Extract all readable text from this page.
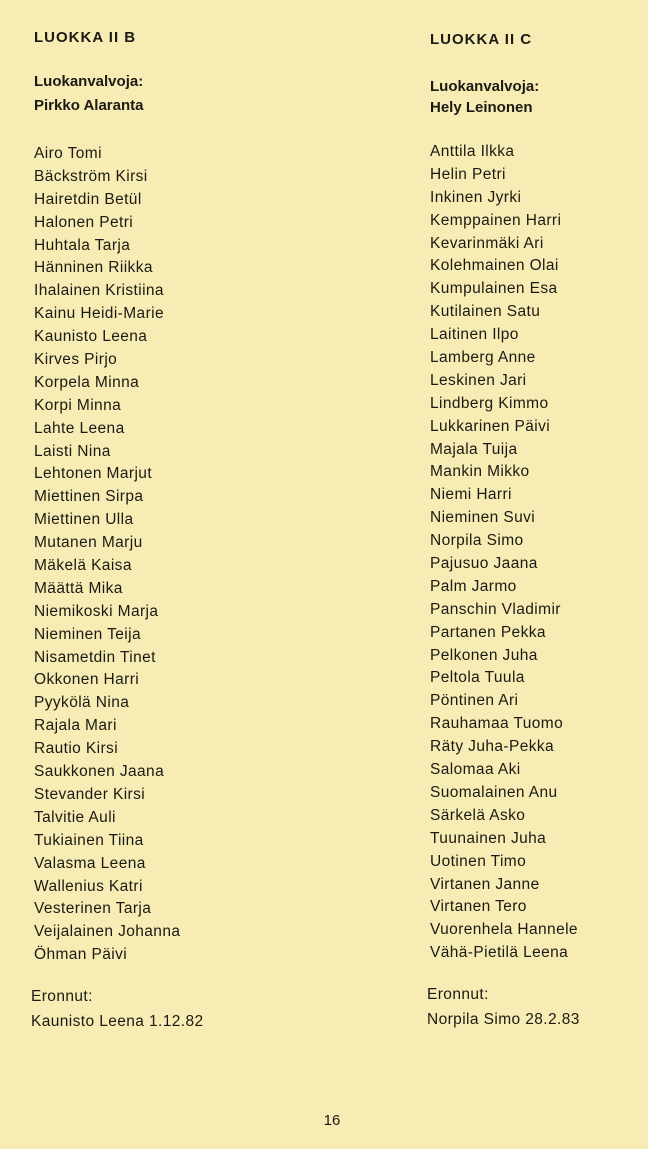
LUOKKA II B
Luokanvalvoja:
Pirkko Alaranta
Airo Tomi
Bäckström Kirsi
Hairetdin Betül
Halonen Petri
Huhtala Tarja
Hänninen Riikka
Ihalainen Kristiina
Kainu Heidi-Marie
Kaunisto Leena
Kirves Pirjo
Korpela Minna
Korpi Minna
Lahte Leena
Laisti Nina
Lehtonen Marjut
Miettinen Sirpa
Miettinen Ulla
Mutanen Marju
Mäkelä Kaisa
Määttä Mika
Niemikoski Marja
Nieminen Teija
Nisametdin Tinet
Okkonen Harri
Pyykölä Nina
Rajala Mari
Rautio Kirsi
Saukkonen Jaana
Stevander Kirsi
Talvitie Auli
Tukiainen Tiina
Valasma Leena
Wallenius Katri
Vesterinen Tarja
Veijalainen Johanna
Öhman Päivi
Eronnut:
Kaunisto Leena 1.12.82
LUOKKA II C
Luokanvalvoja:
Hely Leinonen
Anttila Ilkka
Helin Petri
Inkinen Jyrki
Kemppainen Harri
Kevarinmäki Ari
Kolehmainen Olai
Kumpulainen Esa
Kutilainen Satu
Laitinen Ilpo
Lamberg Anne
Leskinen Jari
Lindberg Kimmo
Lukkarinen Päivi
Majala Tuija
Mankin Mikko
Niemi Harri
Nieminen Suvi
Norpila Simo
Pajusuo Jaana
Palm Jarmo
Panschin Vladimir
Partanen Pekka
Pelkonen Juha
Peltola Tuula
Pöntinen Ari
Rauhamaa Tuomo
Räty Juha-Pekka
Salomaa Aki
Suomalainen Anu
Särkelä Asko
Tuunainen Juha
Uotinen Timo
Virtanen Janne
Virtanen Tero
Vuorenhela Hannele
Vähä-Pietilä Leena
Eronnut:
Norpila Simo 28.2.83
16
